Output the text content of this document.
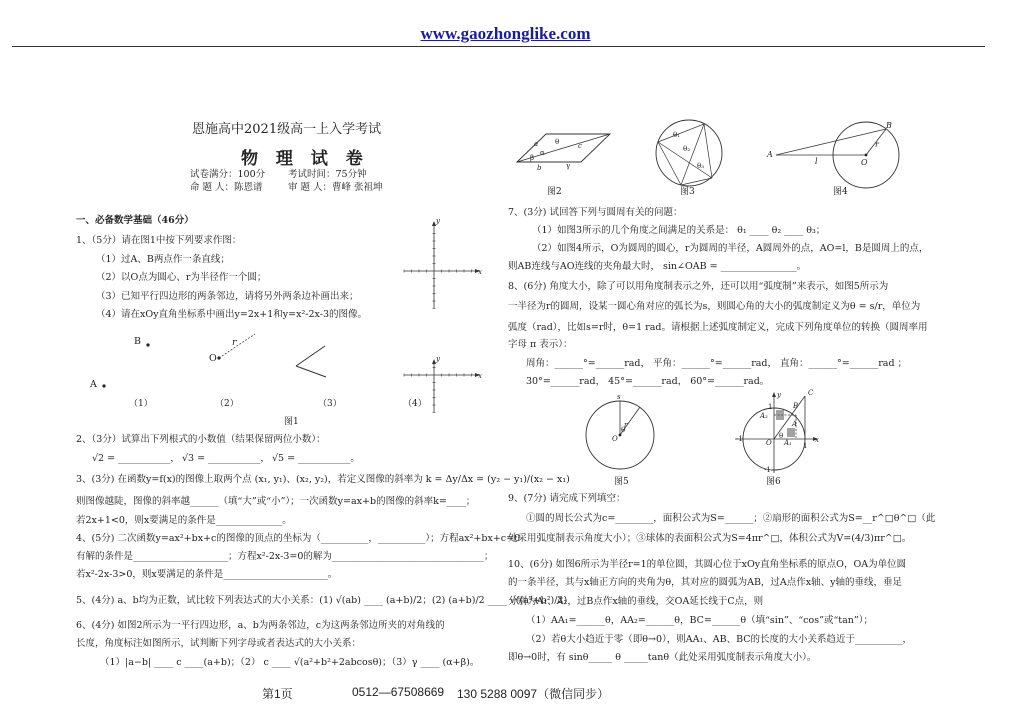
www.gaozhonglike.com
恩施高中2021级高一上入学考试
物 理 试 卷
试卷满分：100分 考试时间：75分钟
命 题 人：陈恩谱	审 题 人：曹峰 张祖坤
一、必备数学基础（46分）
1、（5分）请在图1中按下列要求作图：
（1）过A、B两点作一条直线；
（2）以O点为圆心、r为半径作一个圆；
（3）已知平行四边形的两条邻边，请将另外两条边补画出来；
（4）请在xOy直角坐标系中画出y=2x+1和y=x²-2x-3的图像。
B
A
O
r
x
y
x
y
（1）	（2）	（3）	（4）
图1
2、（3分）试算出下列根式的小数值（结果保留两位小数）：
√2 = ___________， √3 = ___________， √5 = ___________。
3、(3分) 在函数y=f(x)的图像上取两个点 (x₁, y₁)、(x₂, y₂)，若定义图像的斜率为 k = Δy/Δx = (y₂ − y₁)/(x₂ − x₁)
则图像越陡，图像的斜率越______（填“大”或“小”）；一次函数y=ax+b的图像的斜率k=____；
若2x+1<0，则x要满足的条件是______________。
4、(5分) 二次函数y=ax²+bx+c的图像的顶点的坐标为（__________，__________）；方程ax²+bx+c=0
有解的条件是____________________；方程x²-2x-3=0的解为________________________________；
若x²-2x-3>0，则x要满足的条件是______________________。
5、(4分) a、b均为正数，试比较下列表达式的大小关系：(1) √(ab) ____ (a+b)/2；(2) (a+b)/2 ____ √((a²+b²)/2)
6、(4分) 如图2所示为一平行四边形，a、b为两条邻边，c为这两条邻边所夹的对角线的
长度，角度标注如图所示，试判断下列字母或者表达式的大小关系：
（1）|a−b| ____ c ____(a+b)；（2） c ____ √(a²+b²+2abcosθ)；（3）γ ____ (α+β)。
a
b
c
α
β
γ
θ
θ₁
θ₂
θ₃
A
B
O
l
r
图2	图3	图4
7、(3分) 试回答下列与圆周有关的问题：
（1）如图3所示的几个角度之间满足的关系是： θ₁ ____ θ₂ ____ θ₃；
（2）如图4所示，O为圆周的圆心，r为圆周的半径，A圆周外的点，AO=l，B是圆周上的点，
则AB连线与AO连线的夹角最大时， sin∠OAB = ________________。
8、(6分) 角度大小，除了可以用角度制表示之外，还可以用“弧度制”来表示，如图5所示为
一半径为r的圆周，设某一圆心角对应的弧长为s，则圆心角的大小的弧度制定义为θ = s/r，单位为
弧度（rad），比如s=r时，θ=1 rad。请根据上述弧度制定义，完成下列角度单位的转换（圆周率用
字母 π 表示）：
周角：______°=______rad， 平角：______°=______rad， 直角：______°=______rad ；
30°=______rad， 45°=______rad， 60°=______rad。
s
r
θ
O
图5
C
B
A₂
A₁
A
O	1
-1
1
-1
x
y
θ
图6
9、(7分) 请完成下列填空：
①圆的周长公式为c=________，面积公式为S=______；②扇形的面积公式为S=__r^□θ^□（此
处采用弧度制表示角度大小）；③球体的表面积公式为S=4πr^□，体积公式为V=(4/3)πr^□。
10、(6分) 如图6所示为半径r=1的单位圆，其圆心位于xOy直角坐标系的原点O，OA为单位圆
的一条半径，其与x轴正方向的夹角为θ，其对应的圆弧为AB，过A点作x轴、y轴的垂线，垂足
分别为A₁、A₂，过B点作x轴的垂线，交OA延长线于C点，则
（1）AA₁=______θ，AA₂=______θ，BC=______θ（填“sin”、“cos”或“tan”）；
（2）若θ大小趋近于零（即θ→0），则AA₁、AB、BC的长度的大小关系趋近于__________，
即θ→0时，有 sinθ_____ θ _____tanθ（此处采用弧度制表示角度大小）。
第1页	0512—67508669 130 5288 0097（微信同步）
